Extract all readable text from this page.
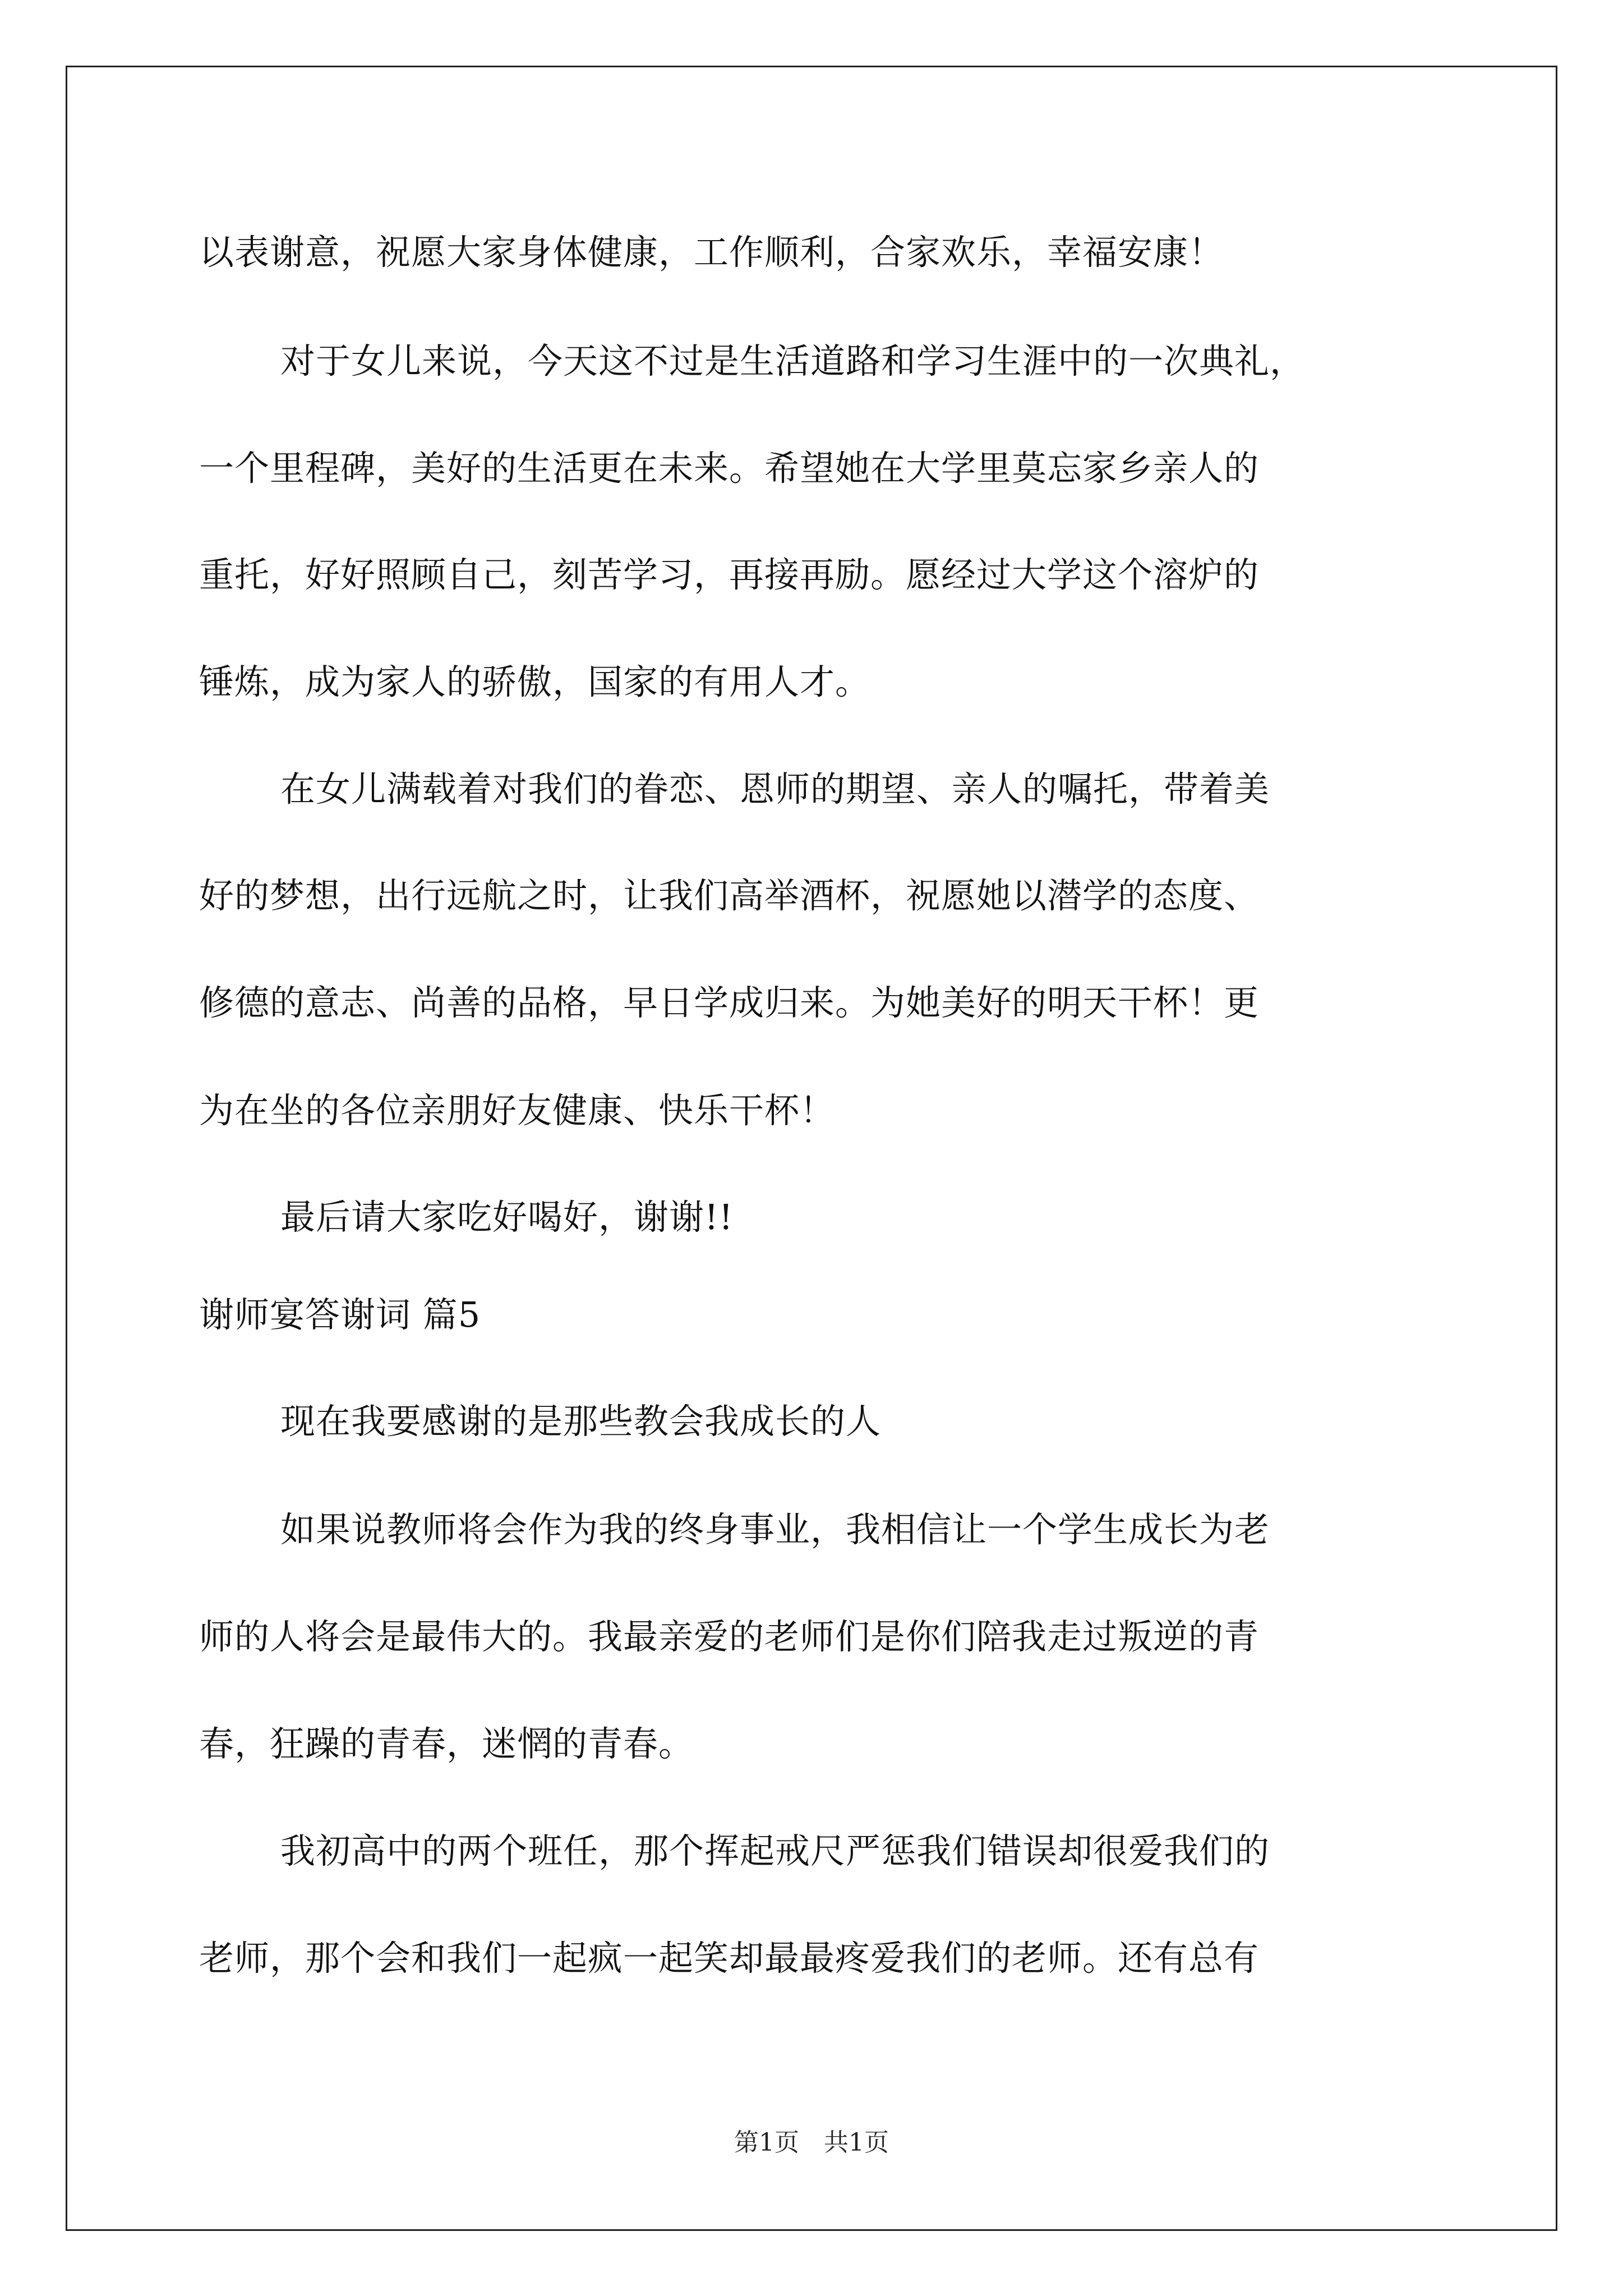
以表谢意，祝愿大家身体健康，工作顺利，合家欢乐，幸福安康！
对于女儿来说，今天这不过是生活道路和学习生涯中的一次典礼，
一个里程碑，美好的生活更在未来。希望她在大学里莫忘家乡亲人的
重托，好好照顾自己，刻苦学习，再接再励。愿经过大学这个溶炉的
锤炼，成为家人的骄傲，国家的有用人才。
在女儿满载着对我们的眷恋、恩师的期望、亲人的嘱托，带着美
好的梦想，出行远航之时，让我们高举酒杯，祝愿她以潜学的态度、
修德的意志、尚善的品格，早日学成归来。为她美好的明天干杯！更
为在坐的各位亲朋好友健康、快乐干杯！
最后请大家吃好喝好，谢谢!!
谢师宴答谢词 篇5
现在我要感谢的是那些教会我成长的人
如果说教师将会作为我的终身事业，我相信让一个学生成长为老
师的人将会是最伟大的。我最亲爱的老师们是你们陪我走过叛逆的青
春，狂躁的青春，迷惘的青春。
我初高中的两个班任，那个挥起戒尺严惩我们错误却很爱我们的
老师，那个会和我们一起疯一起笑却最最疼爱我们的老师。还有总有
第1页　共1页
